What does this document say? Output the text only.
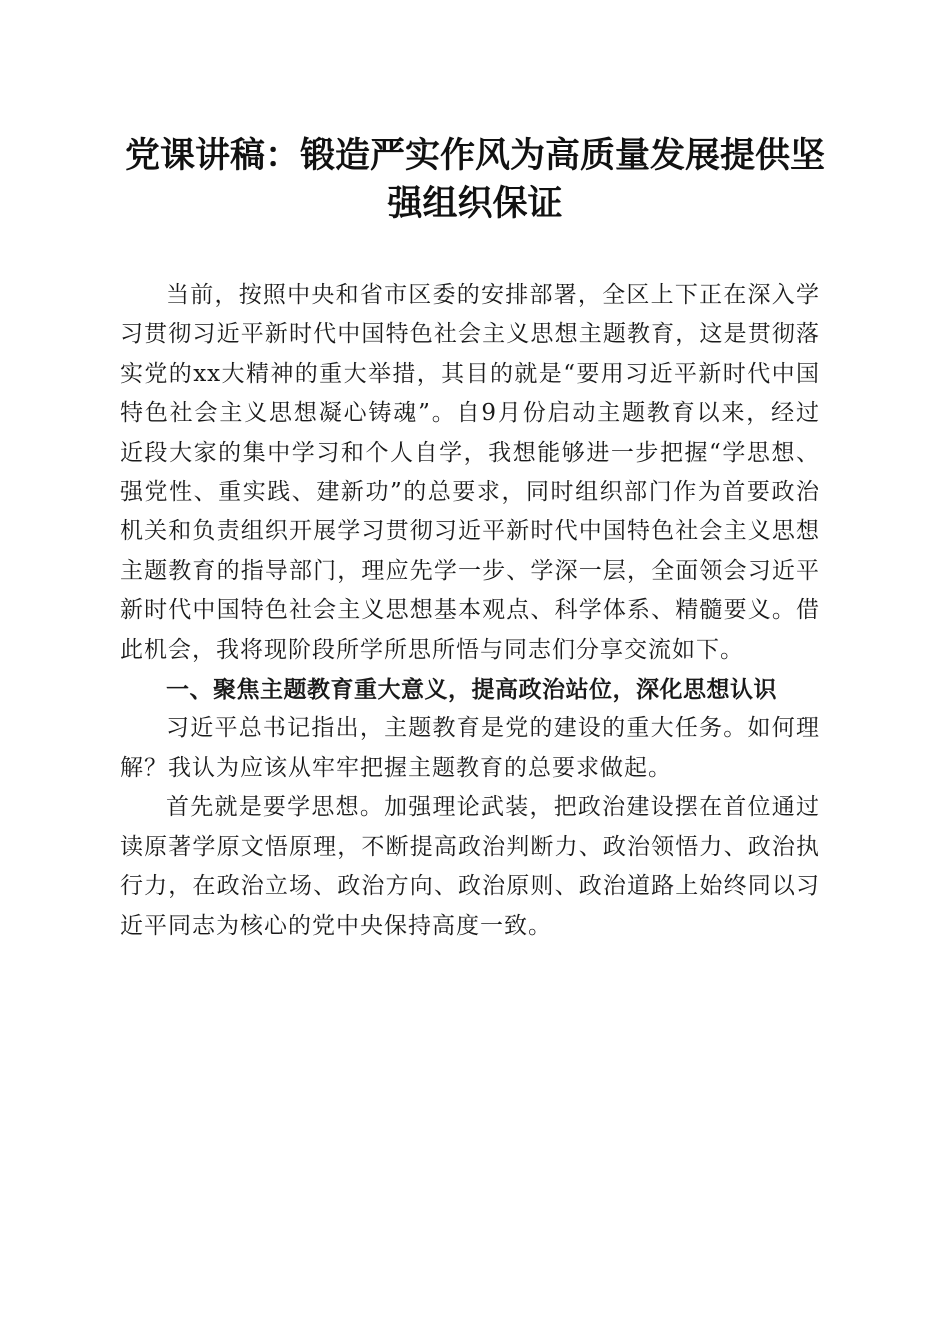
党课讲稿：锻造严实作风为高质量发展提供坚强组织保证

当前，按照中央和省市区委的安排部署，全区上下正在深入学习贯彻习近平新时代中国特色社会主义思想主题教育，这是贯彻落实党的xx大精神的重大举措，其目的就是“要用习近平新时代中国特色社会主义思想凝心铸魂”。自9月份启动主题教育以来，经过近段大家的集中学习和个人自学，我想能够进一步把握“学思想、强党性、重实践、建新功”的总要求，同时组织部门作为首要政治机关和负责组织开展学习贯彻习近平新时代中国特色社会主义思想主题教育的指导部门，理应先学一步、学深一层，全面领会习近平新时代中国特色社会主义思想基本观点、科学体系、精髓要义。借此机会，我将现阶段所学所思所悟与同志们分享交流如下。

一、聚焦主题教育重大意义，提高政治站位，深化思想认识

习近平总书记指出，主题教育是党的建设的重大任务。如何理解？我认为应该从牢牢把握主题教育的总要求做起。

首先就是要学思想。加强理论武装，把政治建设摆在首位通过读原著学原文悟原理，不断提高政治判断力、政治领悟力、政治执行力，在政治立场、政治方向、政治原则、政治道路上始终同以习近平同志为核心的党中央保持高度一致。
